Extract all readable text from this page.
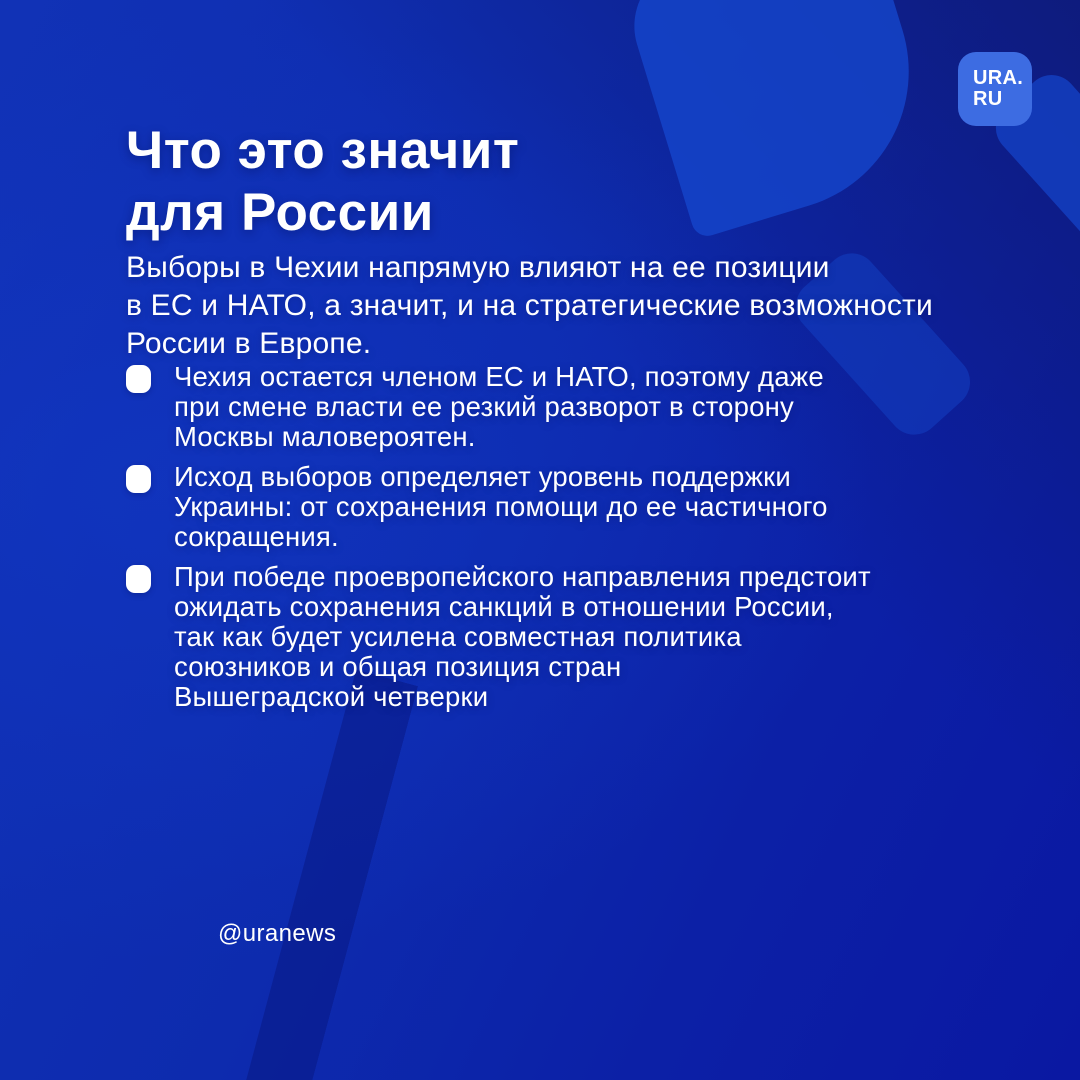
URA.
RU
Что это значит
для России

Выборы в Чехии напрямую влияют на ее позиции
в ЕС и НАТО, а значит, и на стратегические возможности
России в Европе.

Чехия остается членом ЕС и НАТО, поэтому даже
при смене власти ее резкий разворот в сторону
Москвы маловероятен.
Исход выборов определяет уровень поддержки
Украины: от сохранения помощи до ее частичного
сокращения.
При победе проевропейского направления предстоит
ожидать сохранения санкций в отношении России,
так как будет усилена совместная политика
союзников и общая позиция стран
Вышеградской четверки
@uranews
